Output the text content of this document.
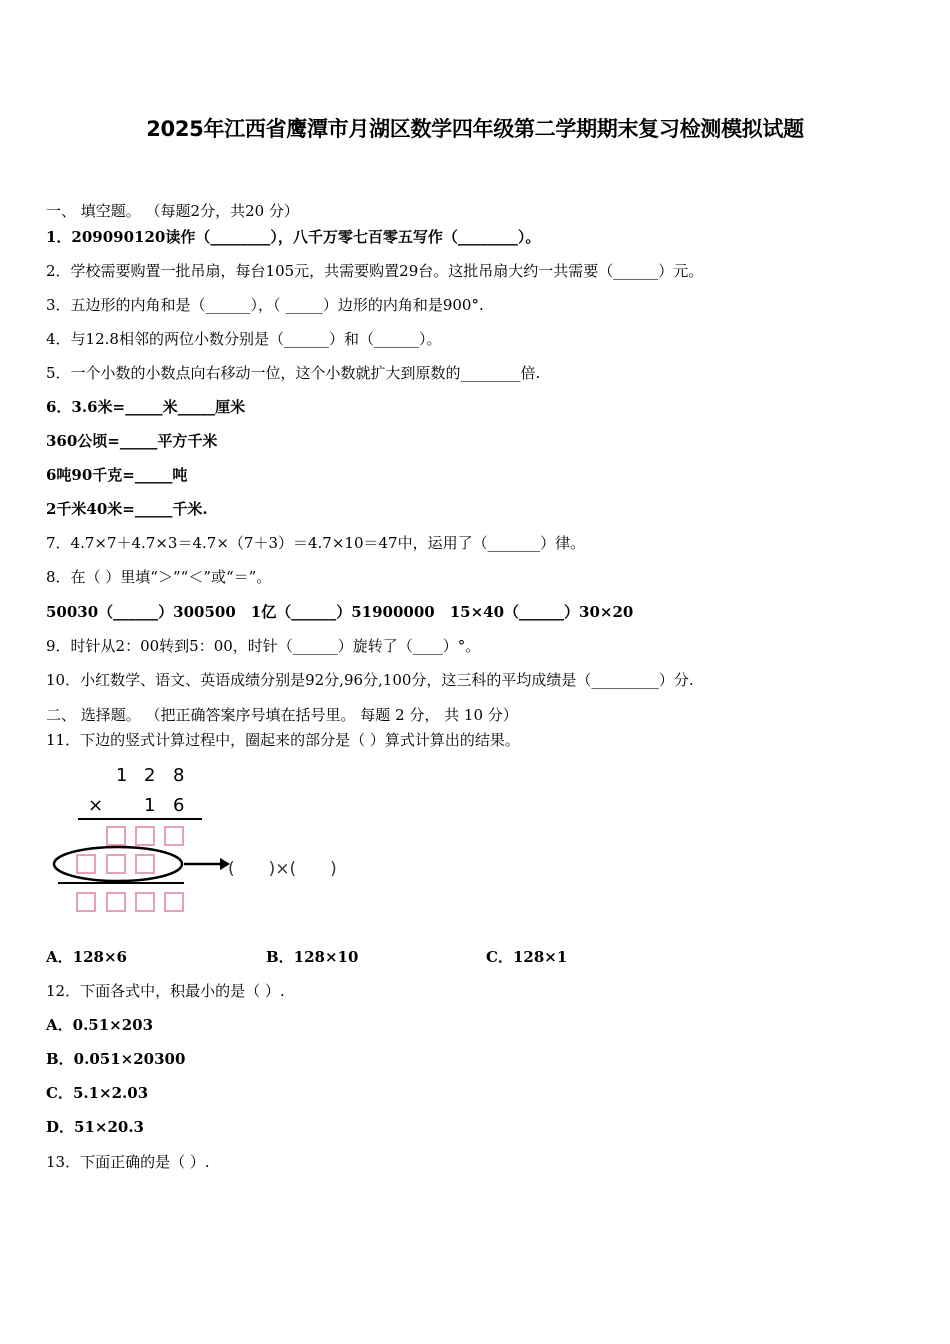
2025年江西省鹰潭市月湖区数学四年级第二学期期末复习检测模拟试题
一、 填空题。 （每题2分，共20 分）
1．209090120读作（________），八千万零七百零五写作（________）。
2．学校需要购置一批吊扇，每台105元，共需要购置29台。这批吊扇大约一共需要（______）元。
3．五边形的内角和是（______），（ _____）边形的内角和是900°.
4．与12.8相邻的两位小数分别是（______）和（______）。
5．一个小数的小数点向右移动一位，这个小数就扩大到原数的________倍.
6．3.6米=_____米_____厘米
360公顷=_____平方千米
6吨90千克=_____吨
2千米40米=_____千米.
7．4.7×7＋4.7×3＝4.7×（7＋3）＝4.7×10＝47中，运用了（_______）律。
8．在（ ）里填“＞”“＜”或“＝”。
50030（______）300500　1亿（______）51900000　15×40（______）30×20
9．时针从2：00转到5：00，时针（______）旋转了（____）°。
10．小红数学、语文、英语成绩分别是92分,96分,100分，这三科的平均成绩是（_________）分.
二、 选择题。 （把正确答案序号填在括号里。 每题 2 分， 共 10 分）
11．下边的竖式计算过程中，圈起来的部分是（ ）算式计算出的结果。
1 2 8
× 1 6
(　　)×(　　)
A．128×6	B．128×10	C．128×1
12．下面各式中，积最小的是（ ）.
A．0.51×203
B．0.051×20300
C．5.1×2.03
D．51×20.3
13．下面正确的是（ ）.
